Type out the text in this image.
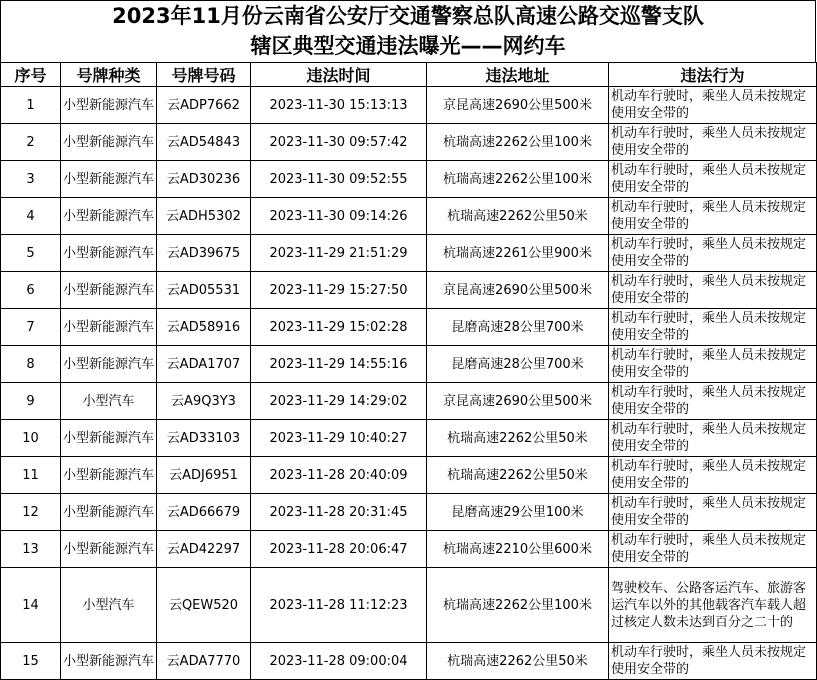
2023年11月份云南省公安厅交通警察总队高速公路交巡警支队
辖区典型交通违法曝光——网约车
序号	号牌种类	号牌号码	违法时间	违法地址	违法行为
1	小型新能源汽车	云ADP7662	2023-11-30 15:13:13	京昆高速2690公里500米	机动车行驶时，乘坐人员未按规定使用安全带的
2	小型新能源汽车	云AD54843	2023-11-30 09:57:42	杭瑞高速2262公里100米	机动车行驶时，乘坐人员未按规定使用安全带的
3	小型新能源汽车	云AD30236	2023-11-30 09:52:55	杭瑞高速2262公里100米	机动车行驶时，乘坐人员未按规定使用安全带的
4	小型新能源汽车	云ADH5302	2023-11-30 09:14:26	杭瑞高速2262公里50米	机动车行驶时，乘坐人员未按规定使用安全带的
5	小型新能源汽车	云AD39675	2023-11-29 21:51:29	杭瑞高速2261公里900米	机动车行驶时，乘坐人员未按规定使用安全带的
6	小型新能源汽车	云AD05531	2023-11-29 15:27:50	京昆高速2690公里500米	机动车行驶时，乘坐人员未按规定使用安全带的
7	小型新能源汽车	云AD58916	2023-11-29 15:02:28	昆磨高速28公里700米	机动车行驶时，乘坐人员未按规定使用安全带的
8	小型新能源汽车	云ADA1707	2023-11-29 14:55:16	昆磨高速28公里700米	机动车行驶时，乘坐人员未按规定使用安全带的
9	小型汽车	云A9Q3Y3	2023-11-29 14:29:02	京昆高速2690公里500米	机动车行驶时，乘坐人员未按规定使用安全带的
10	小型新能源汽车	云AD33103	2023-11-29 10:40:27	杭瑞高速2262公里50米	机动车行驶时，乘坐人员未按规定使用安全带的
11	小型新能源汽车	云ADJ6951	2023-11-28 20:40:09	杭瑞高速2262公里50米	机动车行驶时，乘坐人员未按规定使用安全带的
12	小型新能源汽车	云AD66679	2023-11-28 20:31:45	昆磨高速29公里100米	机动车行驶时，乘坐人员未按规定使用安全带的
13	小型新能源汽车	云AD42297	2023-11-28 20:06:47	杭瑞高速2210公里600米	机动车行驶时，乘坐人员未按规定使用安全带的
14	小型汽车	云QEW520	2023-11-28 11:12:23	杭瑞高速2262公里100米	驾驶校车、公路客运汽车、旅游客运汽车以外的其他载客汽车载人超过核定人数未达到百分之二十的
15	小型新能源汽车	云ADA7770	2023-11-28 09:00:04	杭瑞高速2262公里50米	机动车行驶时，乘坐人员未按规定使用安全带的
